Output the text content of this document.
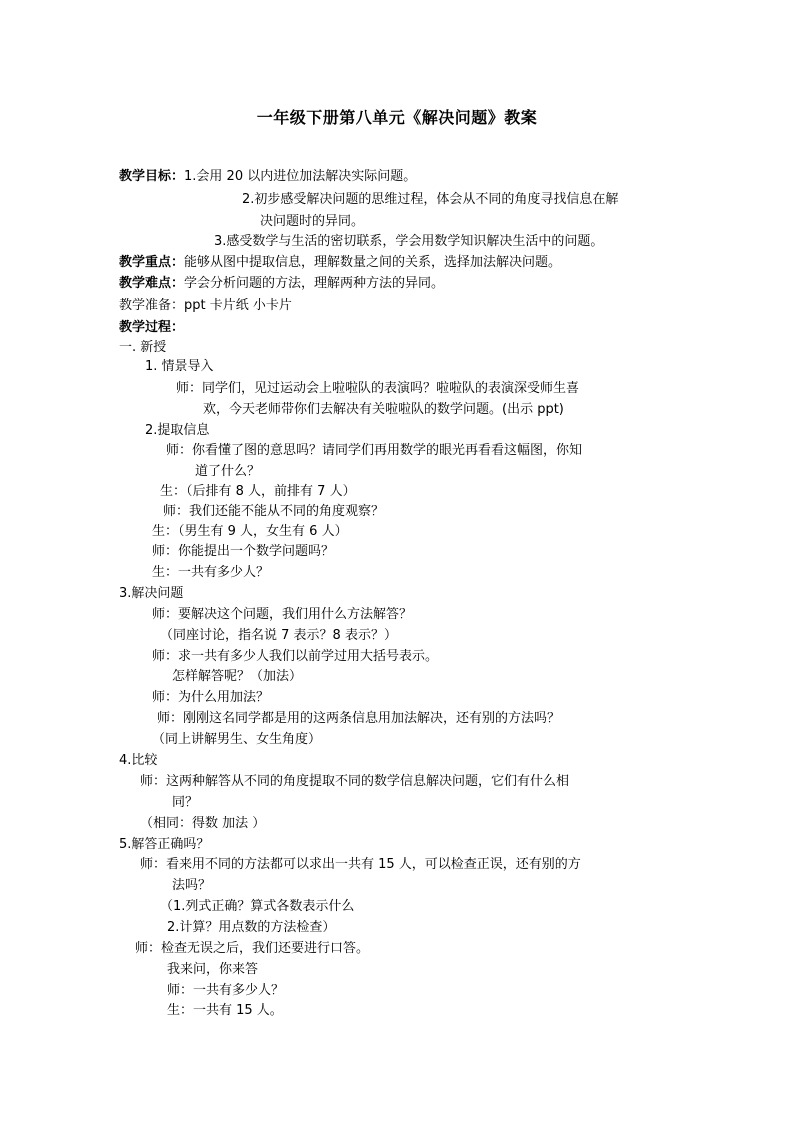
一年级下册第八单元《解决问题》教案
教学目标：1.会用 20 以内进位加法解决实际问题。
2.初步感受解决问题的思维过程，体会从不同的角度寻找信息在解
决问题时的异同。
3.感受数学与生活的密切联系，学会用数学知识解决生活中的问题。
教学重点：能够从图中提取信息，理解数量之间的关系，选择加法解决问题。
教学难点：学会分析问题的方法，理解两种方法的异同。
教学准备：ppt 卡片纸 小卡片
教学过程：
一. 新授
1. 情景导入
师：同学们，见过运动会上啦啦队的表演吗？啦啦队的表演深受师生喜
欢，今天老师带你们去解决有关啦啦队的数学问题。(出示 ppt)
2.提取信息
师：你看懂了图的意思吗？请同学们再用数学的眼光再看看这幅图，你知
道了什么？
生：（后排有 8 人，前排有 7 人）
师：我们还能不能从不同的角度观察？
生：（男生有 9 人，女生有 6 人）
师：你能提出一个数学问题吗？
生：一共有多少人？
3.解决问题
师：要解决这个问题，我们用什么方法解答？
（同座讨论，指名说 7 表示？8 表示？）
师：求一共有多少人我们以前学过用大括号表示。
怎样解答呢？（加法）
师：为什么用加法？
师：刚刚这名同学都是用的这两条信息用加法解决，还有别的方法吗？
（同上讲解男生、女生角度）
4.比较
师：这两种解答从不同的角度提取不同的数学信息解决问题，它们有什么相
同？
（相同：得数 加法 ）
5.解答正确吗？
师：看来用不同的方法都可以求出一共有 15 人，可以检查正误，还有别的方
法吗？
（1.列式正确？算式各数表示什么
2.计算？用点数的方法检查）
师：检查无误之后，我们还要进行口答。
我来问，你来答
师：一共有多少人？
生：一共有 15 人。
